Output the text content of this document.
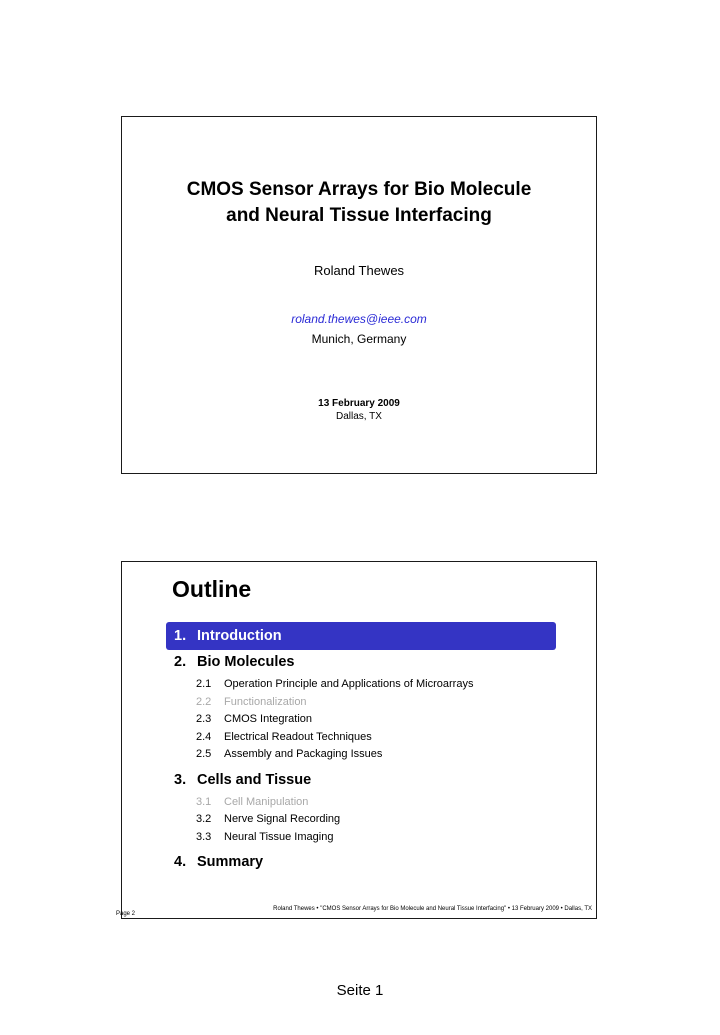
CMOS Sensor Arrays for Bio Molecule
and Neural Tissue Interfacing
Roland Thewes
roland.thewes@ieee.com
Munich, Germany
13 February 2009
Dallas, TX
Outline
1. Introduction
2. Bio Molecules
2.1 Operation Principle and Applications of Microarrays
2.2 Functionalization
2.3 CMOS Integration
2.4 Electrical Readout Techniques
2.5 Assembly and Packaging Issues
3. Cells and Tissue
3.1 Cell Manipulation
3.2 Nerve Signal Recording
3.3 Neural Tissue Imaging
4. Summary
Roland Thewes • "CMOS Sensor Arrays for Bio Molecule and Neural Tissue Interfacing" • 13 February 2009 • Dallas, TX
Page 2
Seite 1
